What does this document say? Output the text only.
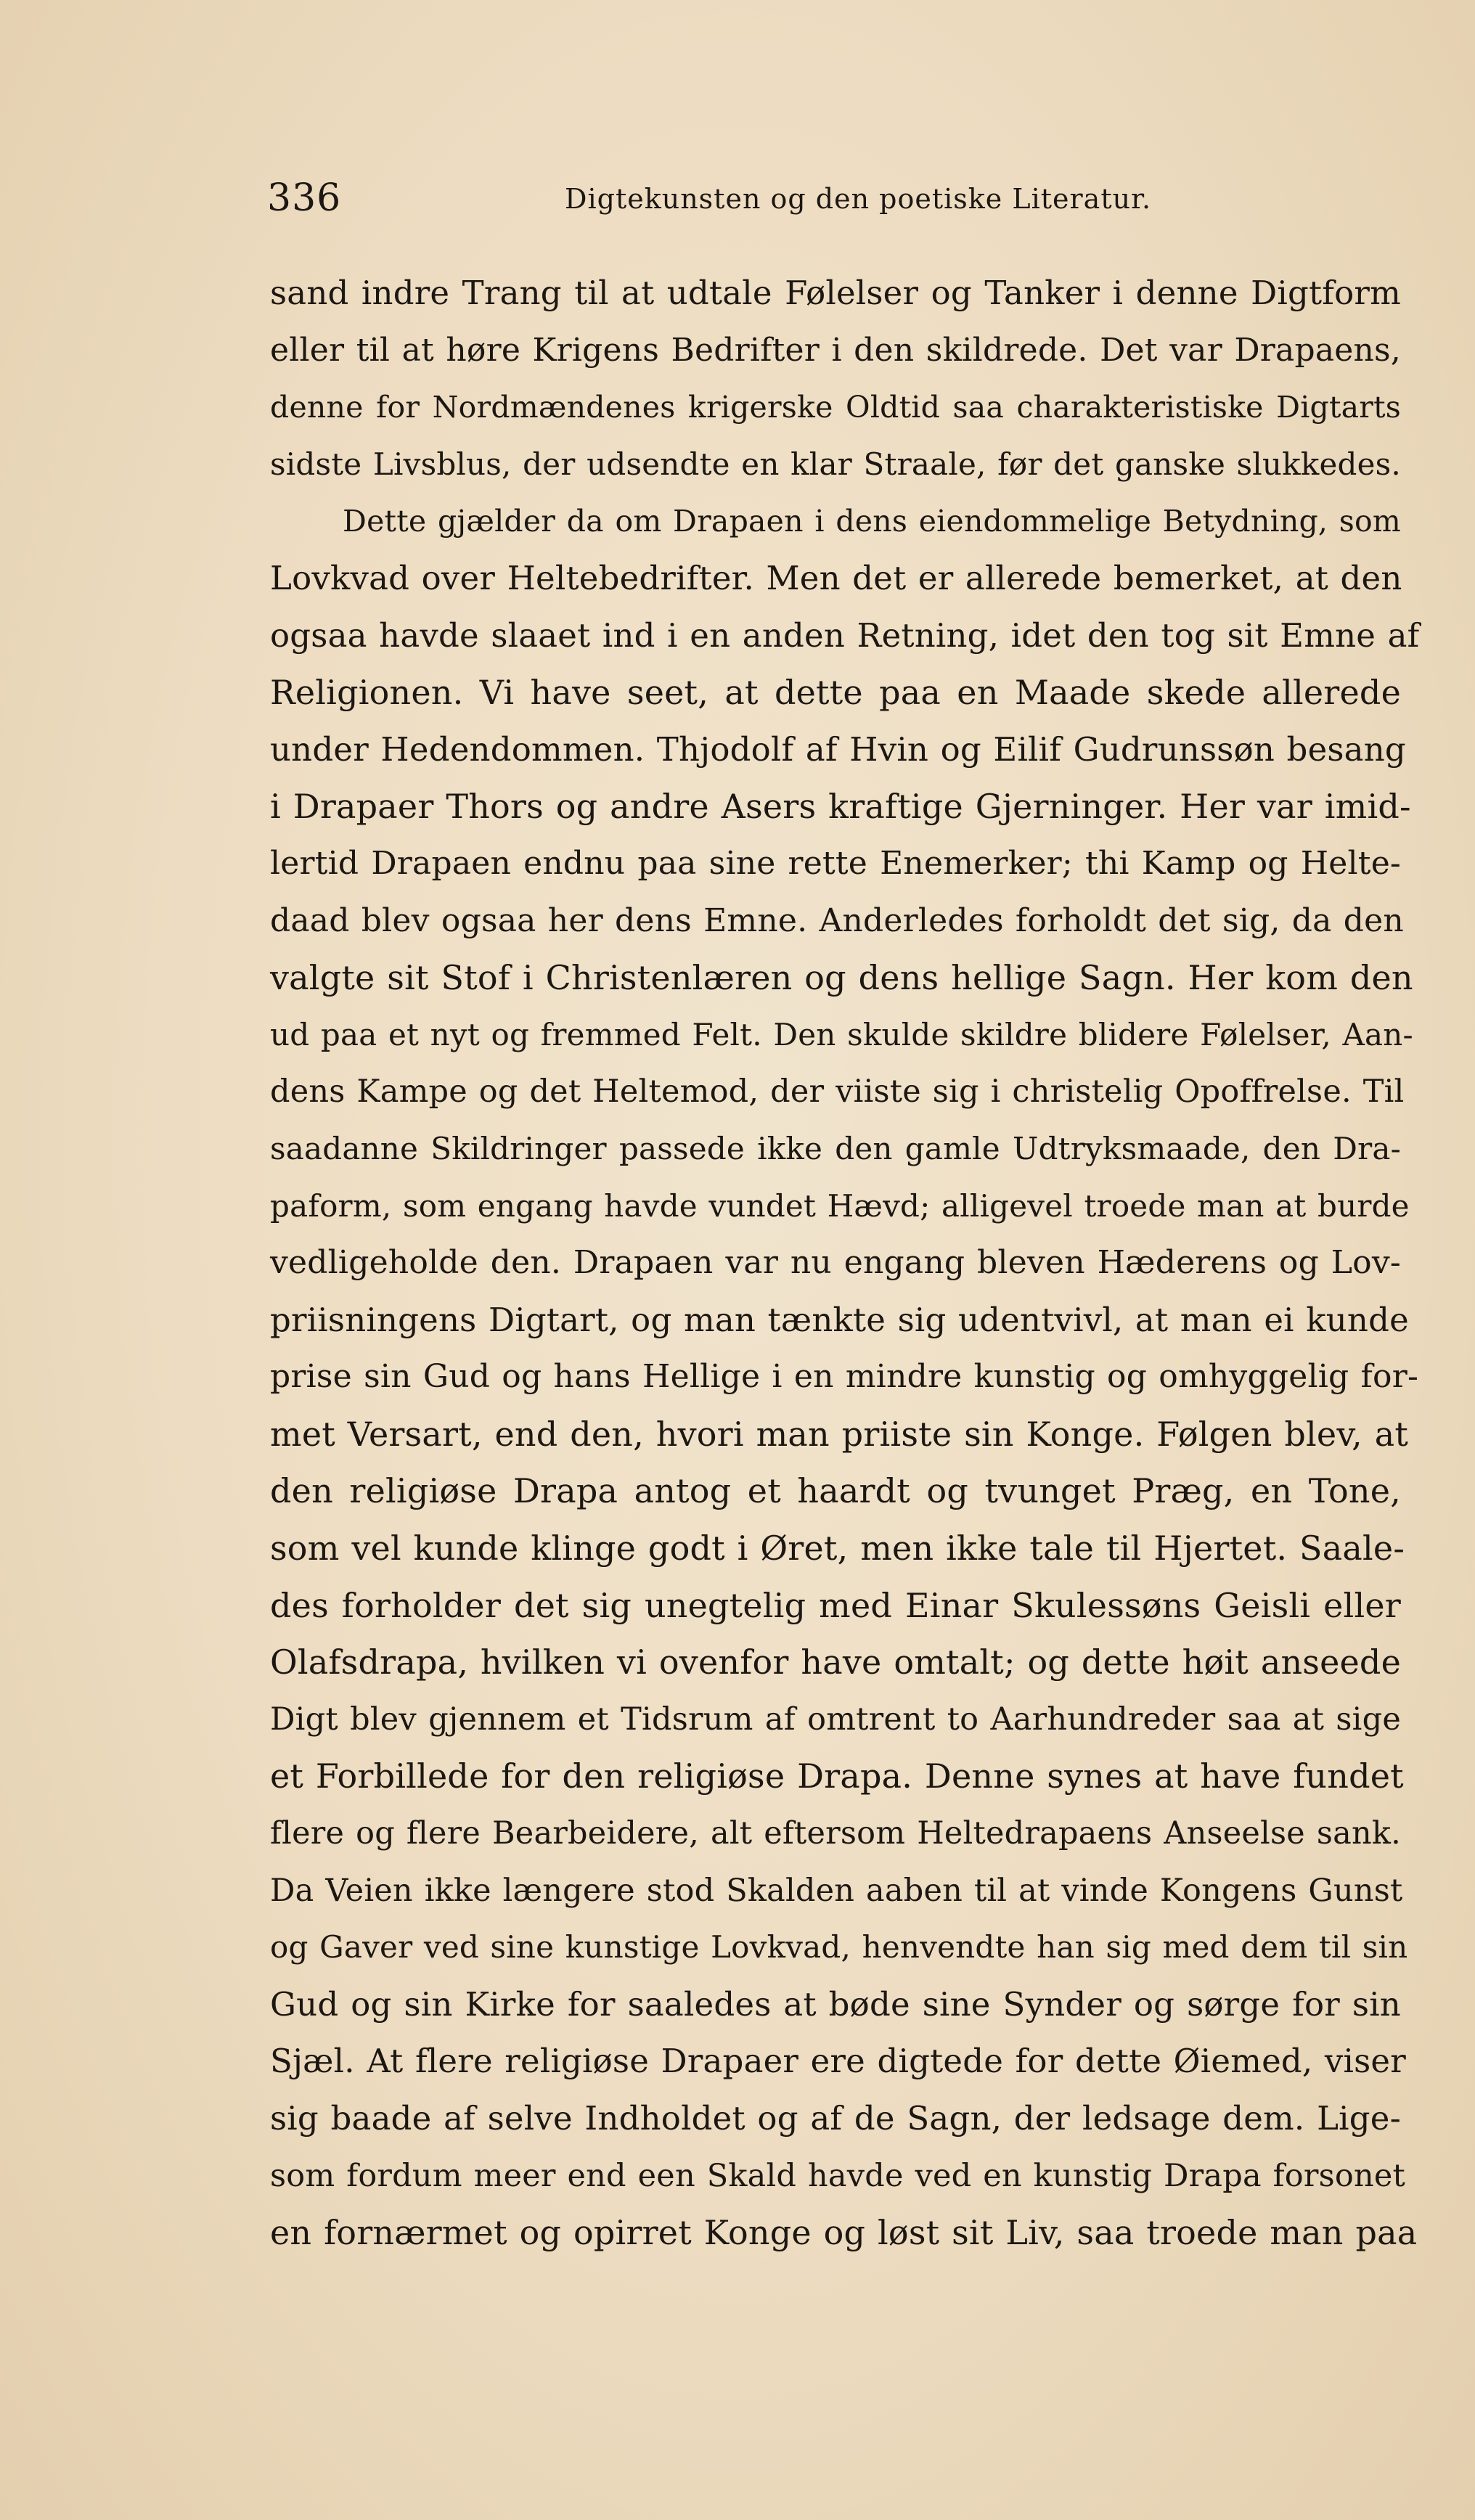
336	Digtekunsten og den poetiske Literatur.
sand indre Trang til at udtale Følelser og Tanker i denne Digtform
eller til at høre Krigens Bedrifter i den skildrede. Det var Drapaens,
denne for Nordmændenes krigerske Oldtid saa charakteristiske Digtarts
sidste Livsblus, der udsendte en klar Straale, før det ganske slukkedes.
Dette gjælder da om Drapaen i dens eiendommelige Betydning, som
Lovkvad over Heltebedrifter. Men det er allerede bemerket, at den
ogsaa havde slaaet ind i en anden Retning, idet den tog sit Emne af
Religionen. Vi have seet, at dette paa en Maade skede allerede
under Hedendommen. Thjodolf af Hvin og Eilif Gudrunssøn besang
i Drapaer Thors og andre Asers kraftige Gjerninger. Her var imid-
lertid Drapaen endnu paa sine rette Enemerker; thi Kamp og Helte-
daad blev ogsaa her dens Emne. Anderledes forholdt det sig, da den
valgte sit Stof i Christenlæren og dens hellige Sagn. Her kom den
ud paa et nyt og fremmed Felt. Den skulde skildre blidere Følelser, Aan-
dens Kampe og det Heltemod, der viiste sig i christelig Opoffrelse. Til
saadanne Skildringer passede ikke den gamle Udtryksmaade, den Dra-
paform, som engang havde vundet Hævd; alligevel troede man at burde
vedligeholde den. Drapaen var nu engang bleven Hæderens og Lov-
priisningens Digtart, og man tænkte sig udentvivl, at man ei kunde
prise sin Gud og hans Hellige i en mindre kunstig og omhyggelig for-
met Versart, end den, hvori man priiste sin Konge. Følgen blev, at
den religiøse Drapa antog et haardt og tvunget Præg, en Tone,
som vel kunde klinge godt i Øret, men ikke tale til Hjertet. Saale-
des forholder det sig unegtelig med Einar Skulessøns Geisli eller
Olafsdrapa, hvilken vi ovenfor have omtalt; og dette høit anseede
Digt blev gjennem et Tidsrum af omtrent to Aarhundreder saa at sige
et Forbillede for den religiøse Drapa. Denne synes at have fundet
flere og flere Bearbeidere, alt eftersom Heltedrapaens Anseelse sank.
Da Veien ikke længere stod Skalden aaben til at vinde Kongens Gunst
og Gaver ved sine kunstige Lovkvad, henvendte han sig med dem til sin
Gud og sin Kirke for saaledes at bøde sine Synder og sørge for sin
Sjæl. At flere religiøse Drapaer ere digtede for dette Øiemed, viser
sig baade af selve Indholdet og af de Sagn, der ledsage dem. Lige-
som fordum meer end een Skald havde ved en kunstig Drapa forsonet
en fornærmet og opirret Konge og løst sit Liv, saa troede man paa
